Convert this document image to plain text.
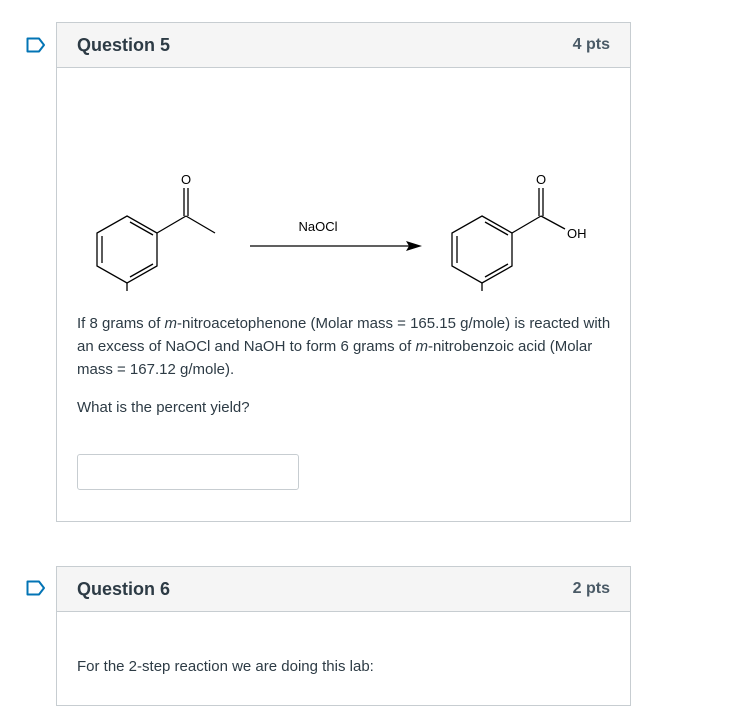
Question 5	4 pts
O
NaOCl
O
OH
If 8 grams of m-nitroacetophenone (Molar mass = 165.15 g/mole) is reacted with an excess of NaOCl and NaOH to form 6 grams of m-nitrobenzoic acid (Molar mass = 167.12 g/mole).
What is the percent yield?
Question 6	2 pts
For the 2-step reaction we are doing this lab:
